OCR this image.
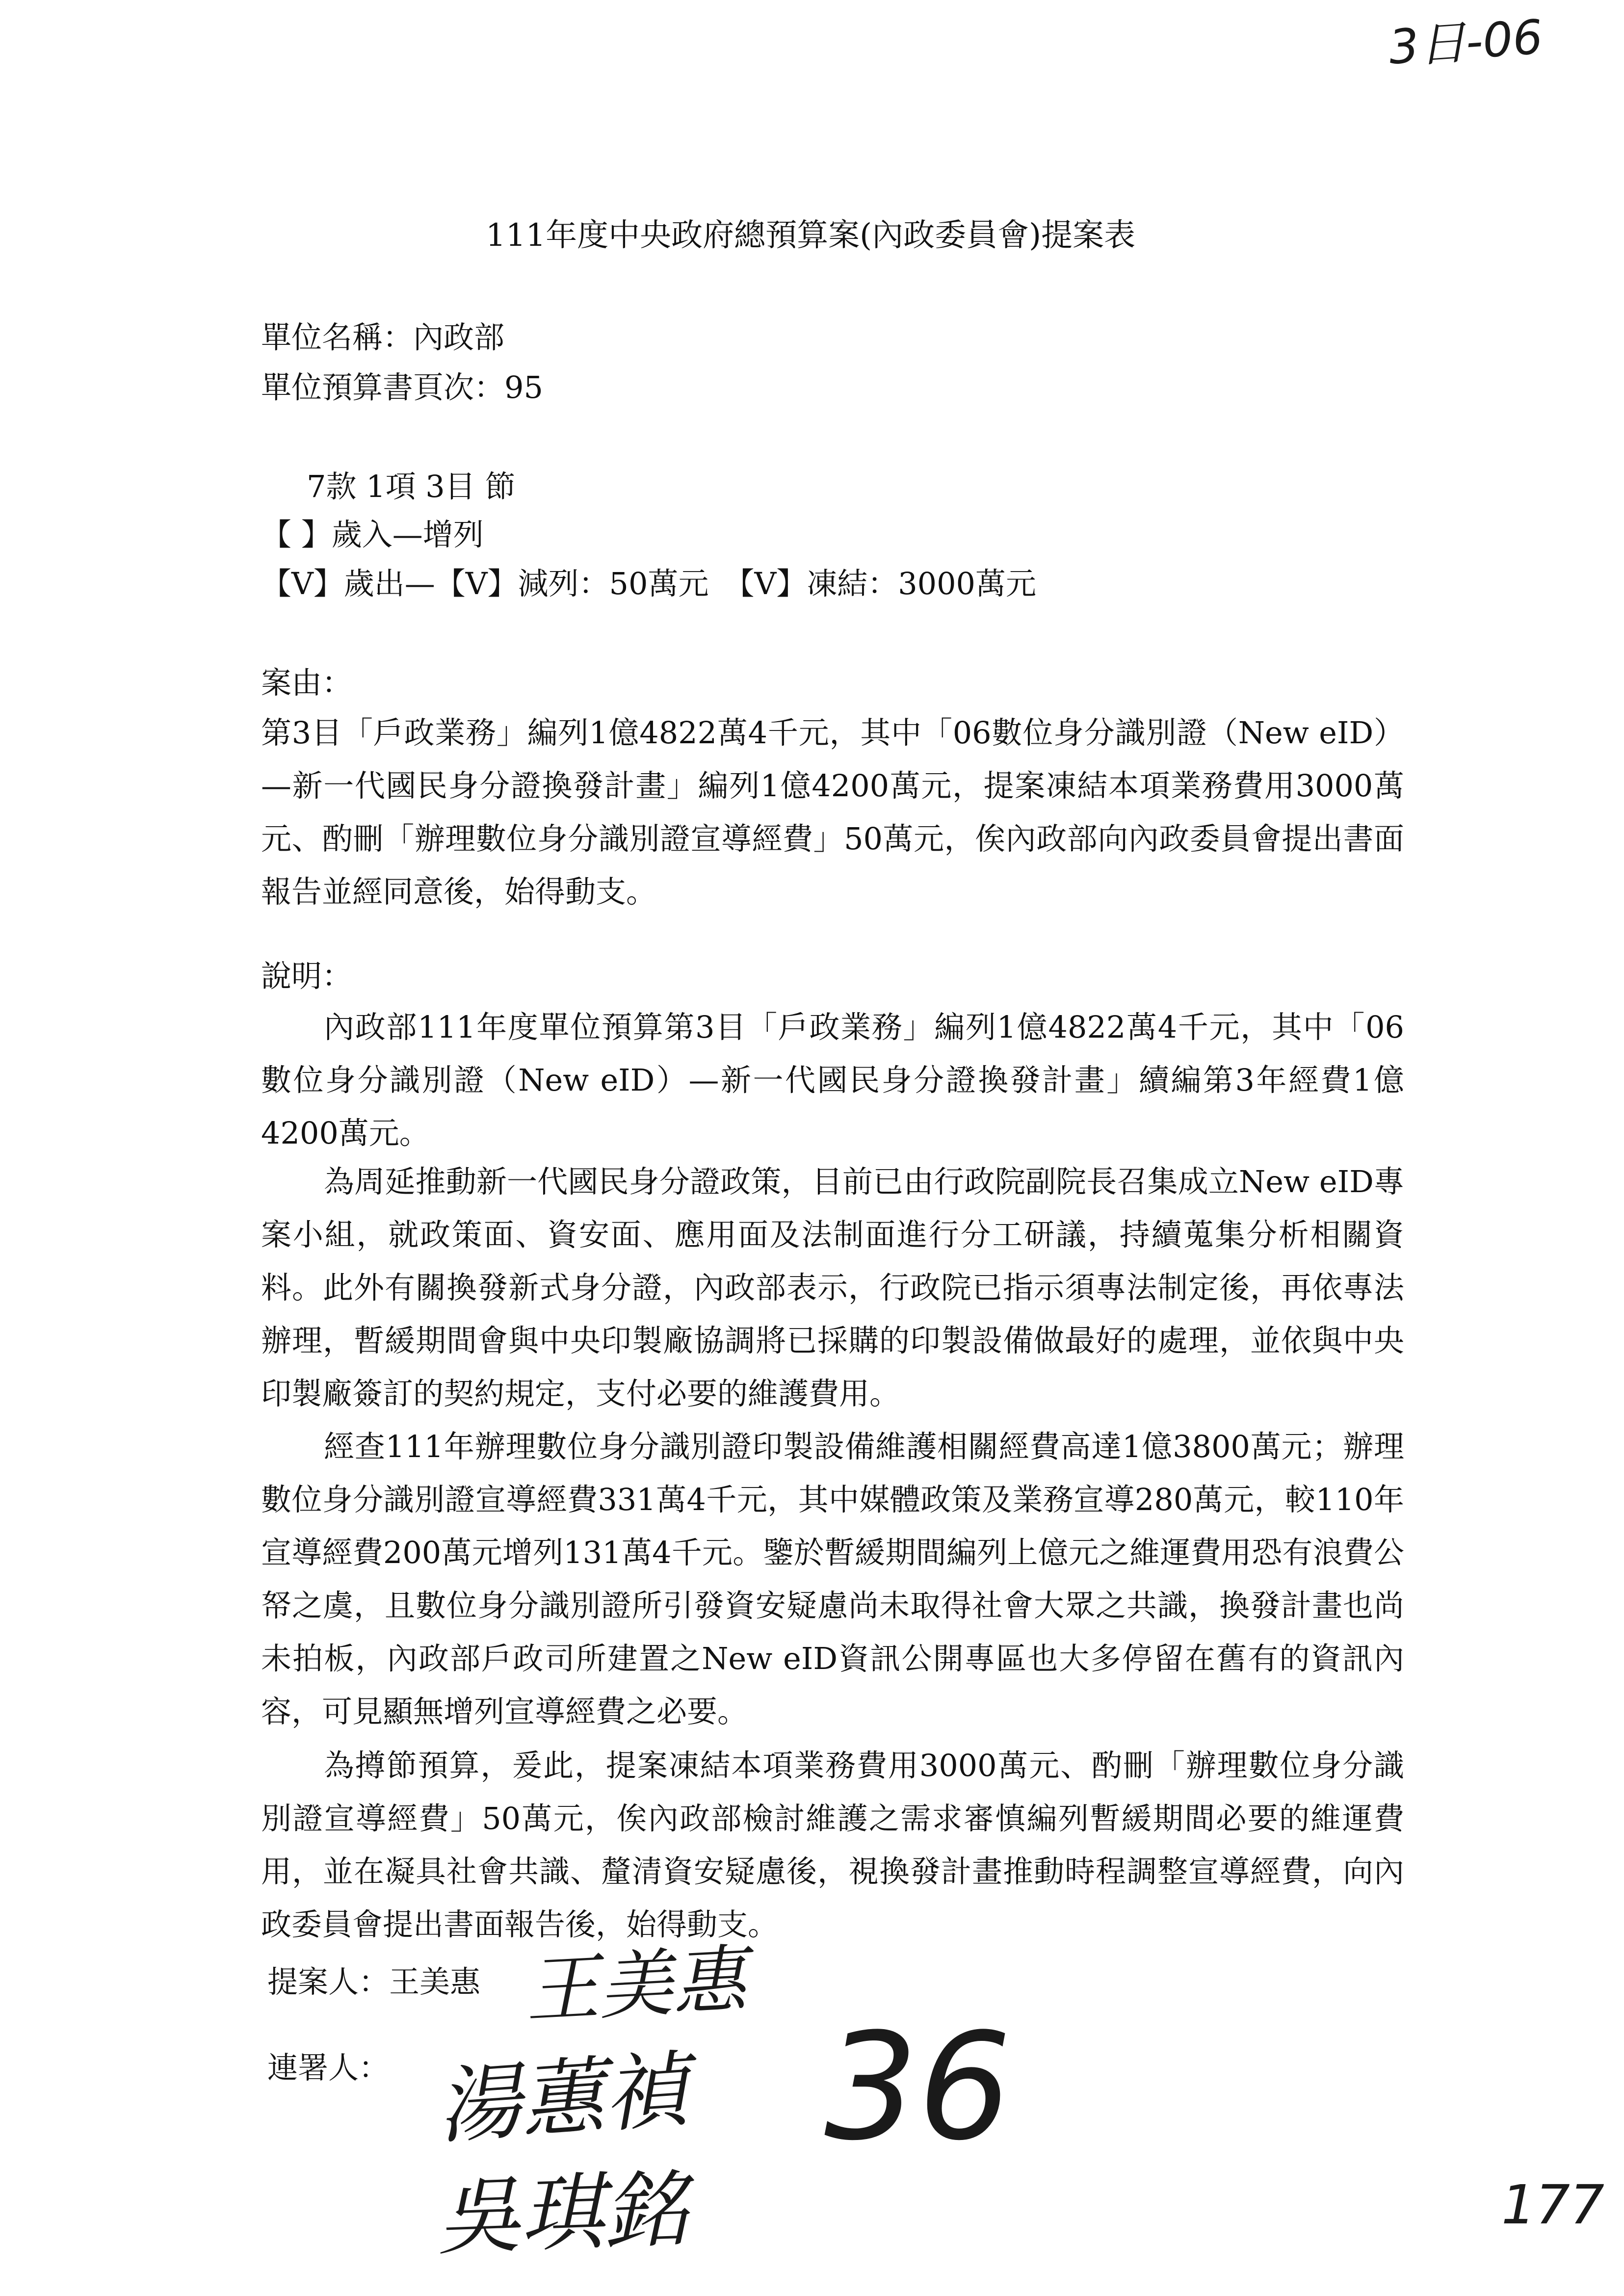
3日-06
111年度中央政府總預算案(內政委員會)提案表
單位名稱：內政部
單位預算書頁次：95
7款 1項 3目 節
【 】歲入—增列
【V】歲出—【V】減列：50萬元　【V】凍結：3000萬元
案由：

第3目「戶政業務」編列1億4822萬4千元，其中「06數位身分識別證（New eID）—新一代國民身分證換發計畫」編列1億4200萬元，提案凍結本項業務費用3000萬元、酌刪「辦理數位身分識別證宣導經費」50萬元，俟內政部向內政委員會提出書面報告並經同意後，始得動支。

說明：

內政部111年度單位預算第3目「戶政業務」編列1億4822萬4千元，其中「06數位身分識別證（New eID）—新一代國民身分證換發計畫」續編第3年經費1億4200萬元。

為周延推動新一代國民身分證政策，目前已由行政院副院長召集成立New eID專案小組，就政策面、資安面、應用面及法制面進行分工研議，持續蒐集分析相關資料。此外有關換發新式身分證，內政部表示，行政院已指示須專法制定後，再依專法辦理，暫緩期間會與中央印製廠協調將已採購的印製設備做最好的處理，並依與中央印製廠簽訂的契約規定，支付必要的維護費用。

經查111年辦理數位身分識別證印製設備維護相關經費高達1億3800萬元；辦理數位身分識別證宣導經費331萬4千元，其中媒體政策及業務宣導280萬元，較110年宣導經費200萬元增列131萬4千元。鑒於暫緩期間編列上億元之維運費用恐有浪費公帑之虞，且數位身分識別證所引發資安疑慮尚未取得社會大眾之共識，換發計畫也尚未拍板，內政部戶政司所建置之New eID資訊公開專區也大多停留在舊有的資訊內容，可見顯無增列宣導經費之必要。

為撙節預算，爰此，提案凍結本項業務費用3000萬元、酌刪「辦理數位身分識別證宣導經費」50萬元，俟內政部檢討維護之需求審慎編列暫緩期間必要的維運費用，並在凝具社會共識、釐清資安疑慮後，視換發計畫推動時程調整宣導經費，向內政委員會提出書面報告後，始得動支。

提案人：王美惠 王美惠
連署人： 湯蕙禎
吳琪銘
36
177
